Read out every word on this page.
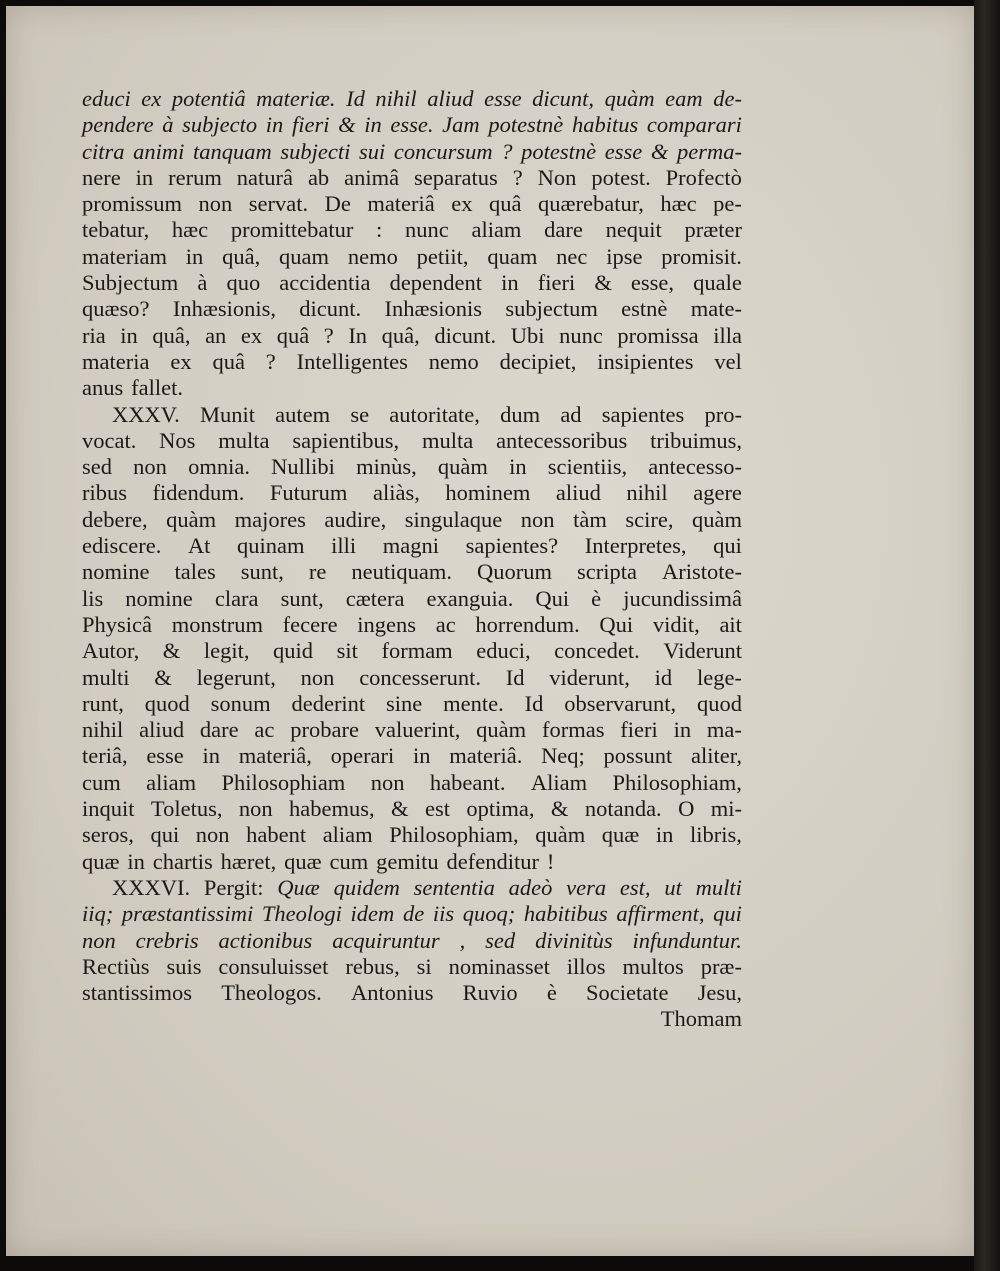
educi ex potentiâ materiæ. Id nihil aliud esse dicunt, quàm eam de-
pendere à subjecto in fieri & in esse. Jam potestnè habitus comparari
citra animi tanquam subjecti sui concursum ? potestnè esse & perma-
nere in rerum naturâ ab animâ separatus ? Non potest. Profectò
promissum non servat. De materiâ ex quâ quærebatur, hæc pe-
tebatur, hæc promittebatur : nunc aliam dare nequit præter
materiam in quâ, quam nemo petiit, quam nec ipse promisit.
Subjectum à quo accidentia dependent in fieri & esse, quale
quæso? Inhæsionis, dicunt. Inhæsionis subjectum estnè mate-
ria in quâ, an ex quâ ? In quâ, dicunt. Ubi nunc promissa illa
materia ex quâ ? Intelligentes nemo decipiet, insipientes vel
anus fallet.
XXXV. Munit autem se autoritate, dum ad sapientes pro-
vocat. Nos multa sapientibus, multa antecessoribus tribuimus,
sed non omnia. Nullibi minùs, quàm in scientiis, antecesso-
ribus fidendum. Futurum aliàs, hominem aliud nihil agere
debere, quàm majores audire, singulaque non tàm scire, quàm
ediscere. At quinam illi magni sapientes? Interpretes, qui
nomine tales sunt, re neutiquam. Quorum scripta Aristote-
lis nomine clara sunt, cætera exanguia. Qui è jucundissimâ
Physicâ monstrum fecere ingens ac horrendum. Qui vidit, ait
Autor, & legit, quid sit formam educi, concedet. Viderunt
multi & legerunt, non concesserunt. Id viderunt, id lege-
runt, quod sonum dederint sine mente. Id observarunt, quod
nihil aliud dare ac probare valuerint, quàm formas fieri in ma-
teriâ, esse in materiâ, operari in materiâ. Neq; possunt aliter,
cum aliam Philosophiam non habeant. Aliam Philosophiam,
inquit Toletus, non habemus, & est optima, & notanda. O mi-
seros, qui non habent aliam Philosophiam, quàm quæ in libris,
quæ in chartis hæret, quæ cum gemitu defenditur !
XXXVI. Pergit: Quæ quidem sententia adeò vera est, ut multi
iiq; præstantissimi Theologi idem de iis quoq; habitibus affirment, qui
non crebris actionibus acquiruntur , sed divinitùs infunduntur.
Rectiùs suis consuluisset rebus, si nominasset illos multos præ-
stantissimos Theologos. Antonius Ruvio è Societate Jesu,
Thomam
